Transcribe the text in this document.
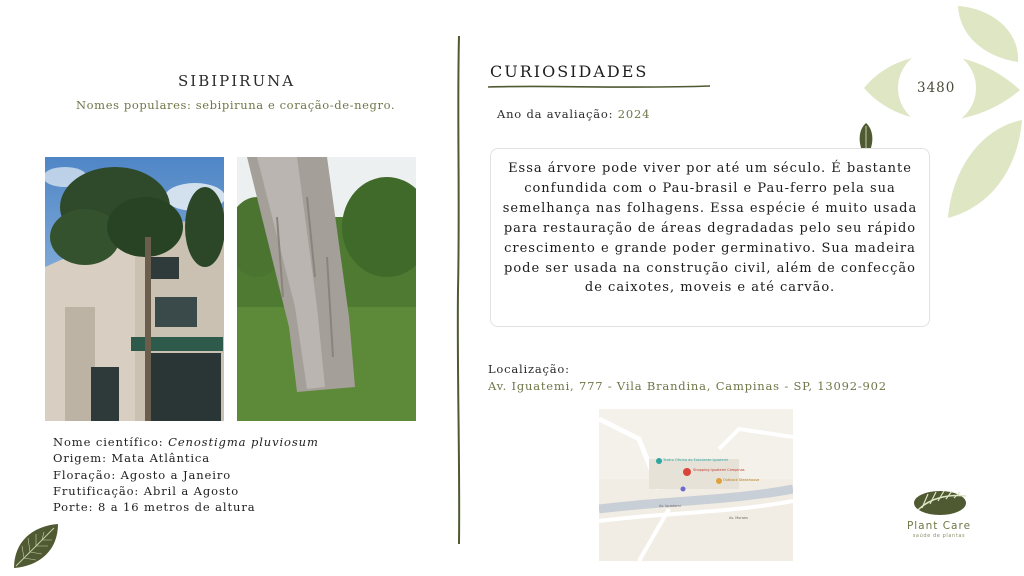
3480
SIBIPIRUNA
Nomes populares: sebipiruna e coração-de-negro.
Nome científico: Cenostigma pluviosum
Origem: Mata Atlântica
Floração: Agosto a Janeiro
Frutificação: Abril a Agosto
Porte: 8 a 16 metros de altura
CURIOSIDADES
Ano da avaliação: 2024
Essa árvore pode viver por até um século. É bastante confundida com o Pau-brasil e Pau-ferro pela sua semelhança nas folhagens. Essa espécie é muito usada para restauração de áreas degradadas pelo seu rápido crescimento e grande poder germinativo. Sua madeira pode ser usada na construção civil, além de confecção de caixotes, moveis e até carvão.
Localização:
Av. Iguatemi, 777 - Vila Brandina, Campinas - SP, 13092-902
Teatro Oficina do Estudante Iguatemi
Shopping Iguatemi Campinas
Outback Steakhouse
Av. Iguatemi
Av. Moraes
Plant Care
saúde de plantas
